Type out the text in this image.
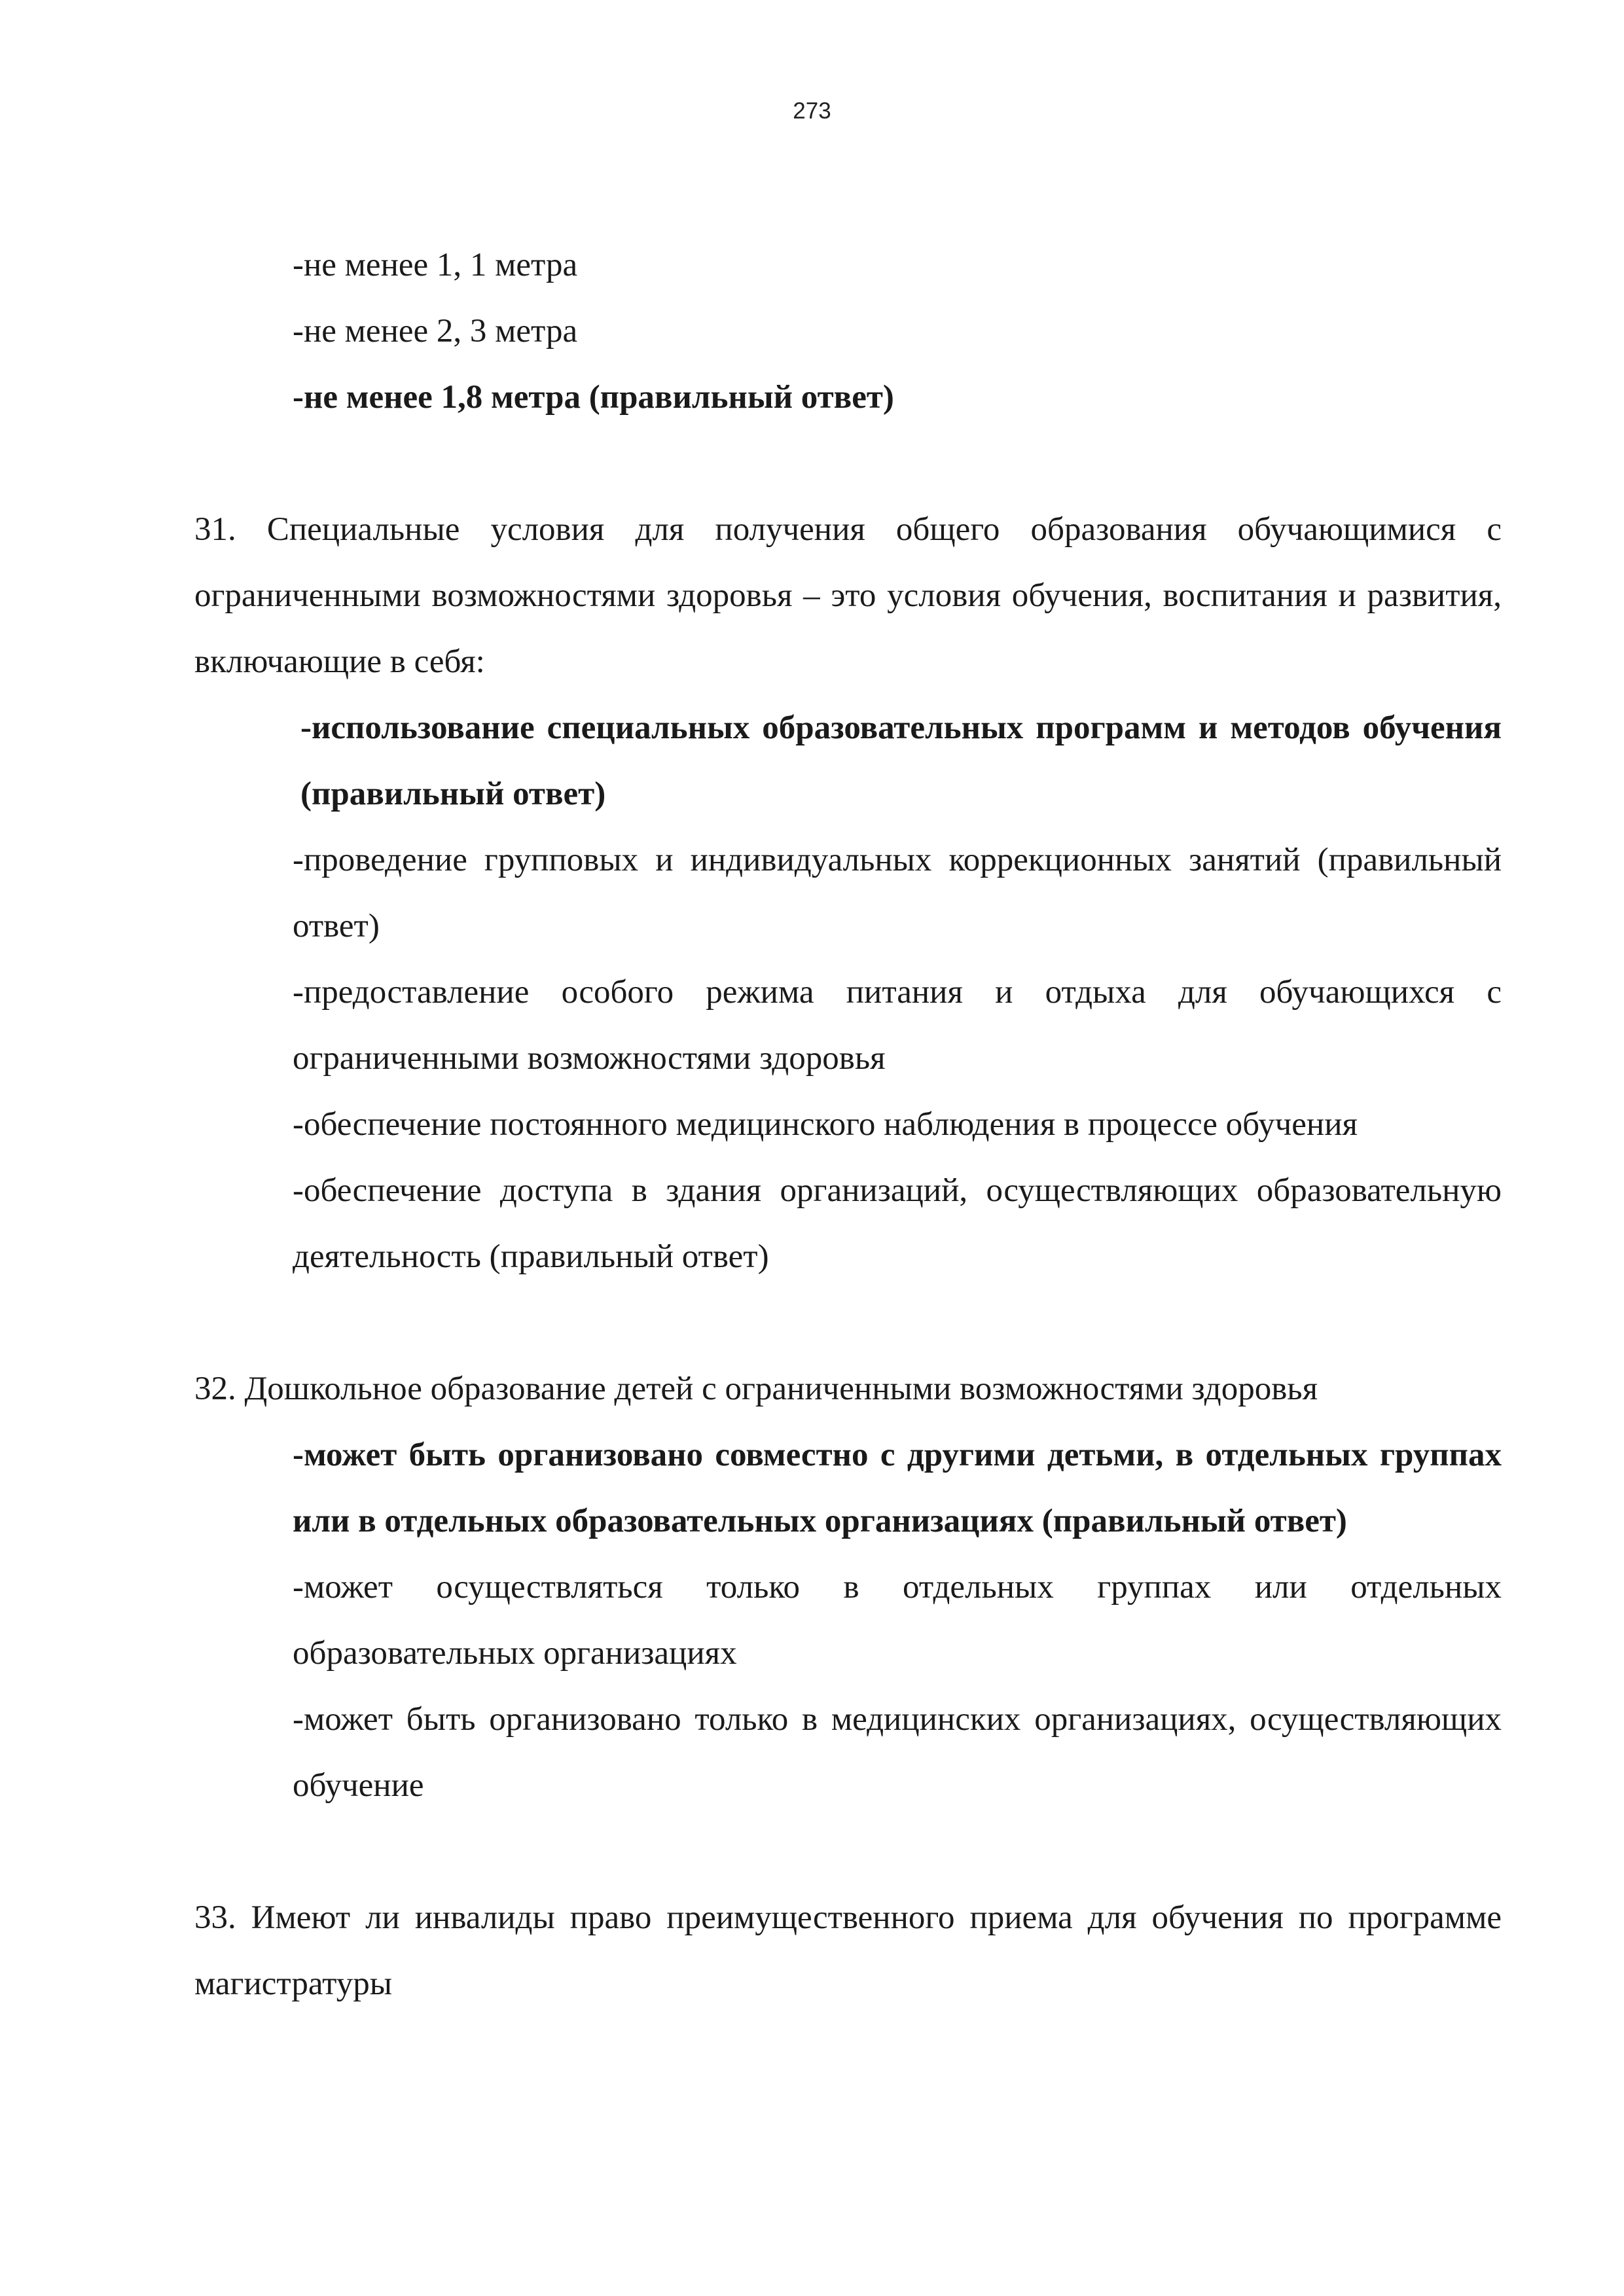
273
-не менее 1, 1 метра
-не менее 2, 3 метра
-не менее 1,8 метра (правильный ответ)
31. Специальные условия для получения общего образования обучающимися с ограниченными возможностями здоровья – это условия обучения, воспитания и развития, включающие в себя:
-использование специальных образовательных программ и методов обучения (правильный ответ)
-проведение групповых и индивидуальных коррекционных занятий (правильный ответ)
-предоставление особого режима питания и отдыха для обучающихся с ограниченными возможностями здоровья
-обеспечение постоянного медицинского наблюдения в процессе обучения
-обеспечение доступа в здания организаций, осуществляющих образовательную деятельность (правильный ответ)
32. Дошкольное образование детей с ограниченными возможностями здоровья
-может быть организовано совместно с другими детьми, в отдельных группах или в отдельных образовательных организациях (правильный ответ)
-может осуществляться только в отдельных группах или отдельных образовательных организациях
-может быть организовано только в медицинских организациях, осуществляющих обучение
33. Имеют ли инвалиды право преимущественного приема для обучения по программе магистратуры
